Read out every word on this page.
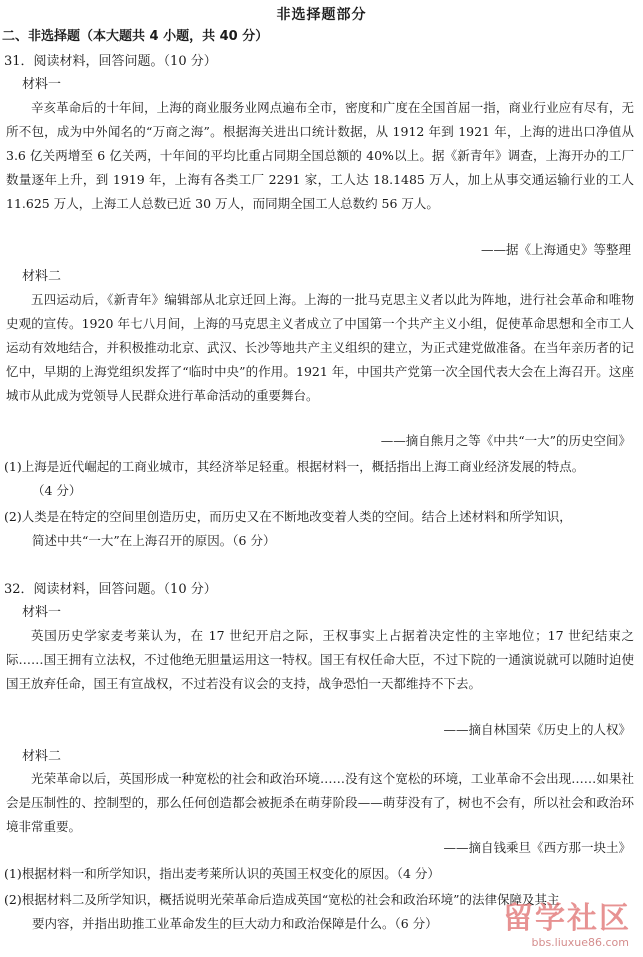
非选择题部分
二、非选择题（本大题共 4 小题，共 40 分）
31．阅读材料，回答问题。（10 分）
材料一
辛亥革命后的十年间，上海的商业服务业网点遍布全市，密度和广度在全国首屈一指，商业行业应有尽有，无所不包，成为中外闻名的“万商之海”。根据海关进出口统计数据，从 1912 年到 1921 年，上海的进出口净值从 3.6 亿关两增至 6 亿关两，十年间的平均比重占同期全国总额的 40%以上。据《新青年》调查，上海开办的工厂数量逐年上升，到 1919 年，上海有各类工厂 2291 家，工人达 18.1485 万人，加上从事交通运输行业的工人 11.625 万人，上海工人总数已近 30 万人，而同期全国工人总数约 56 万人。
——据《上海通史》等整理
材料二
五四运动后，《新青年》编辑部从北京迁回上海。上海的一批马克思主义者以此为阵地，进行社会革命和唯物史观的宣传。1920 年七八月间，上海的马克思主义者成立了中国第一个共产主义小组，促使革命思想和全市工人运动有效地结合，并积极推动北京、武汉、长沙等地共产主义组织的建立，为正式建党做准备。在当年亲历者的记忆中，早期的上海党组织发挥了“临时中央”的作用。1921 年，中国共产党第一次全国代表大会在上海召开。这座城市从此成为党领导人民群众进行革命活动的重要舞台。
——摘自熊月之等《中共“一大”的历史空间》
(1)上海是近代崛起的工商业城市，其经济举足轻重。根据材料一，概括指出上海工商业经济发展的特点。
（4 分）
(2)人类是在特定的空间里创造历史，而历史又在不断地改变着人类的空间。结合上述材料和所学知识，
简述中共“一大”在上海召开的原因。（6 分）
32．阅读材料，回答问题。（10 分）
材料一
英国历史学家麦考莱认为，在 17 世纪开启之际，王权事实上占据着决定性的主宰地位；17 世纪结束之际……国王拥有立法权，不过他绝无胆量运用这一特权。国王有权任命大臣，不过下院的一通演说就可以随时迫使国王放弃任命，国王有宣战权，不过若没有议会的支持，战争恐怕一天都维持不下去。
——摘自林国荣《历史上的人权》
材料二
光荣革命以后，英国形成一种宽松的社会和政治环境……没有这个宽松的环境，工业革命不会出现……如果社会是压制性的、控制型的，那么任何创造都会被扼杀在萌芽阶段——萌芽没有了，树也不会有，所以社会和政治环境非常重要。
——摘自钱乘旦《西方那一块土》
(1)根据材料一和所学知识，指出麦考莱所认识的英国王权变化的原因。（4 分）
(2)根据材料二及所学知识，概括说明光荣革命后造成英国“宽松的社会和政治环境”的法律保障及其主
要内容，并指出助推工业革命发生的巨大动力和政治保障是什么。（6 分）	留学社区
bbs.liuxue86.com
